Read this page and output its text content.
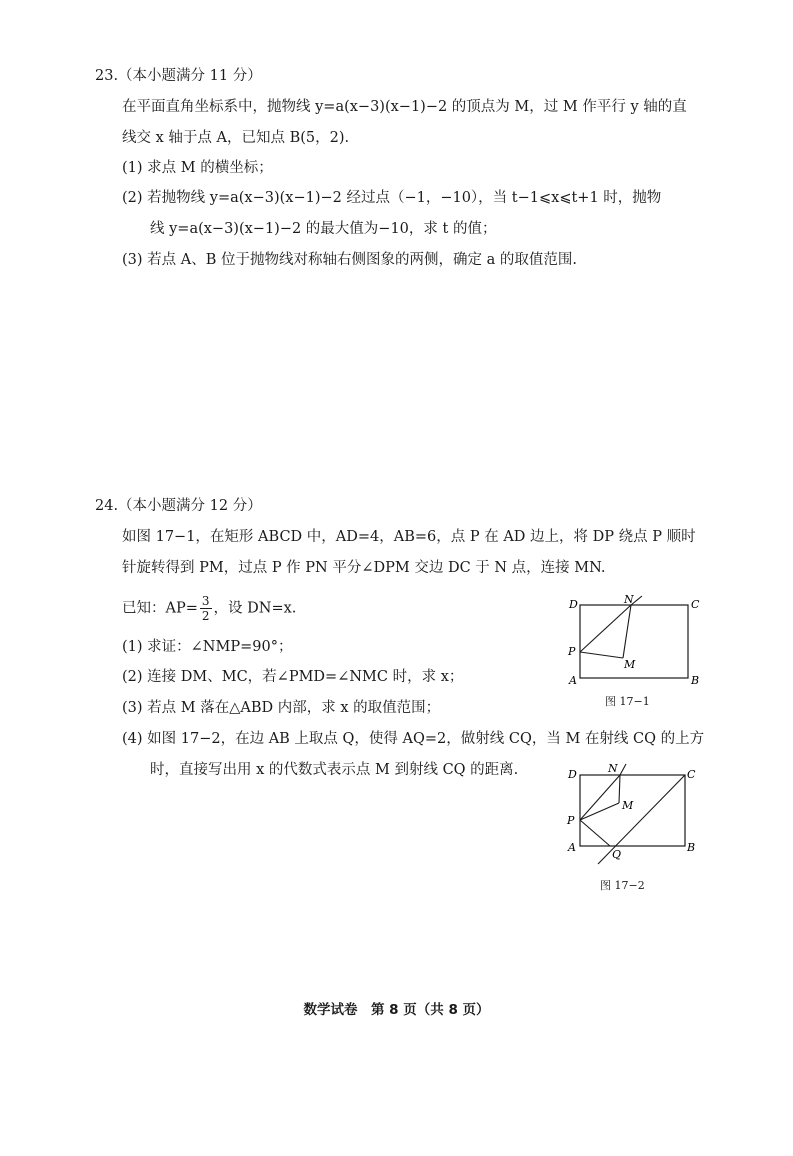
23.（本小题满分 11 分）
在平面直角坐标系中，抛物线 y=a(x−3)(x−1)−2 的顶点为 M，过 M 作平行 y 轴的直
线交 x 轴于点 A，已知点 B(5，2).
(1) 求点 M 的横坐标；
(2) 若抛物线 y=a(x−3)(x−1)−2 经过点（−1，−10），当 t−1⩽x⩽t+1 时，抛物
线 y=a(x−3)(x−1)−2 的最大值为−10，求 t 的值；
(3) 若点 A、B 位于抛物线对称轴右侧图象的两侧，确定 a 的取值范围.
24.（本小题满分 12 分）
如图 17−1，在矩形 ABCD 中，AD=4，AB=6，点 P 在 AD 边上，将 DP 绕点 P 顺时
针旋转得到 PM，过点 P 作 PN 平分∠DPM 交边 DC 于 N 点，连接 MN.
已知：$AP= \frac{3}{2}$ ，设 DN=x.
(1) 求证：∠NMP=90°；
(2) 连接 DM、MC，若∠PMD=∠NMC 时，求 x；
(3) 若点 M 落在△ABD 内部，求 x 的取值范围；
(4) 如图 17−2，在边 AB 上取点 Q，使得 AQ=2，做射线 CQ，当 M 在射线 CQ 的上方
时，直接写出用 x 的代数式表示点 M 到射线 CQ 的距离.
D	N	C
P
M
A	B
图 17−1
D	N	C
M
P
A
Q
B
图 17−2
数学试卷　第 8 页（共 8 页）
